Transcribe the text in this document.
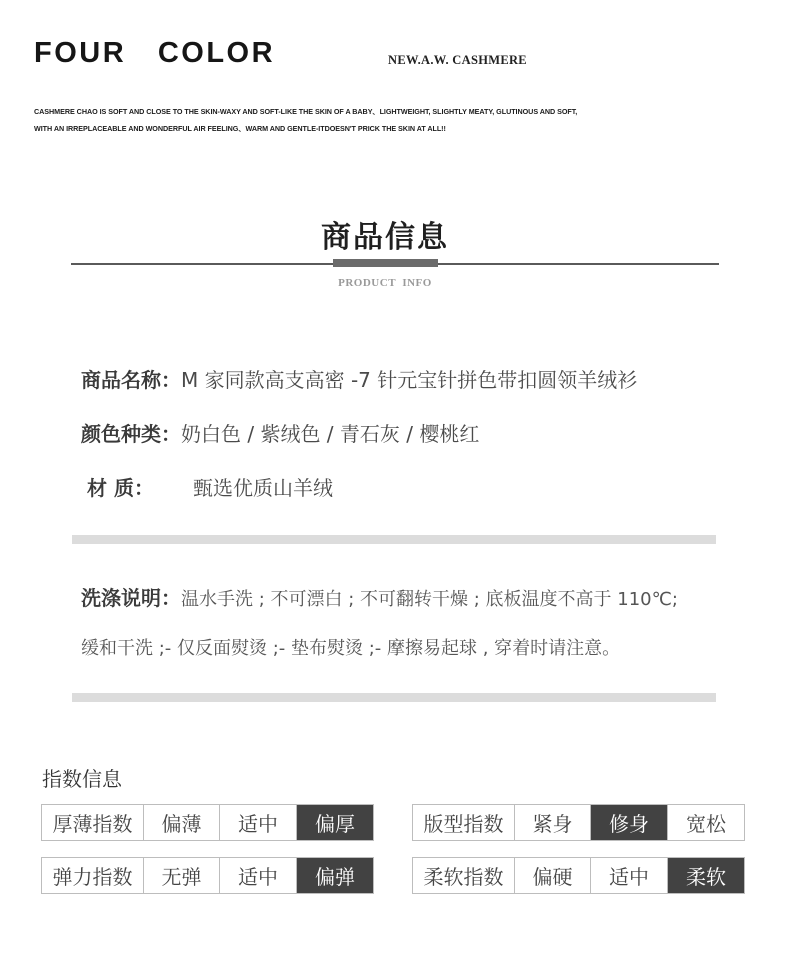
FOUR   COLOR	NEW.A.W. CASHMERE
CASHMERE CHAO IS SOFT AND CLOSE TO THE SKIN-WAXY AND SOFT-LIKE THE SKIN OF A BABY、LIGHTWEIGHT, SLIGHTLY MEATY, GLUTINOUS AND SOFT,
WITH AN IRREPLACEABLE AND WONDERFUL AIR FEELING、WARM AND GENTLE-ITDOESN'T PRICK THE SKIN AT ALL!!
商品信息
PRODUCT  INFO
商品名称：M 家同款高支高密 -7 针元宝针拼色带扣圆领羊绒衫
颜色种类：奶白色 / 紫绒色 / 青石灰 / 樱桃红
材 质： 甄选优质山羊绒
洗涤说明：温水手洗 ; 不可漂白 ; 不可翻转干燥 ; 底板温度不高于 110℃;
缓和干洗 ;- 仅反面熨烫 ;- 垫布熨烫 ;- 摩擦易起球 , 穿着时请注意。
指数信息
厚薄指数	偏薄	适中	偏厚
弹力指数	无弹	适中	偏弹
版型指数	紧身	修身	宽松
柔软指数	偏硬	适中	柔软
